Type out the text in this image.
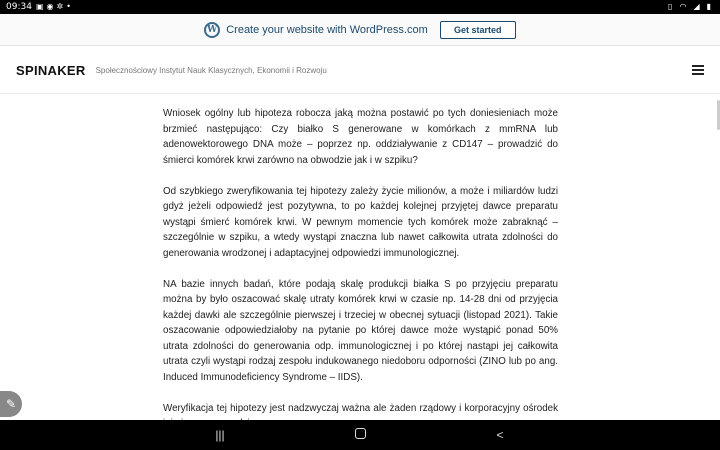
09:34 ▣ ◉ ✲ •	▯ ◠ ◢ ▮
W Create your website with WordPress.com	Get started
SPINAKER Społecznościowy Instytut Nauk Klasycznych, Ekonomii i Rozwoju

Wniosek ogólny lub hipoteza robocza jaką można postawić po tych doniesieniach może brzmieć następująco: Czy białko S generowane w komórkach z mmRNA lub adenowektorowego DNA może – poprzez np. oddziaływanie z CD147 – prowadzić do śmierci komórek krwi zarówno na obwodzie jak i w szpiku?

Od szybkiego zweryfikowania tej hipotezy zależy życie milionów, a może i miliardów ludzi gdyż jeżeli odpowiedź jest pozytywna, to po każdej kolejnej przyjętej dawce preparatu wystąpi śmierć komórek krwi. W pewnym momencie tych komórek może zabraknąć – szczególnie w szpiku, a wtedy wystąpi znaczna lub nawet całkowita utrata zdolności do generowania wrodzonej i adaptacyjnej odpowiedzi immunologicznej.

NA bazie innych badań, które podają skalę produkcji białka S po przyjęciu preparatu można by było oszacować skalę utraty komórek krwi w czasie np. 14-28 dni od przyjęcia każdej dawki ale szczególnie pierwszej i trzeciej w obecnej sytuacji (listopad 2021). Takie oszacowanie odpowiedziałoby na pytanie po której dawce może wystąpić ponad 50% utrata zdolności do generowania odp. immunologicznej i po której nastąpi jej całkowita utrata czyli wystąpi rodzaj zespołu indukowanego niedoboru odporności (ZINO lub po ang. Induced Immunodeficiency Syndrome – IIDS).

Weryfikacja tej hipotezy jest nadzwyczaj ważna ale żaden rządowy i korporacyjny ośrodek

✎
|||	<
